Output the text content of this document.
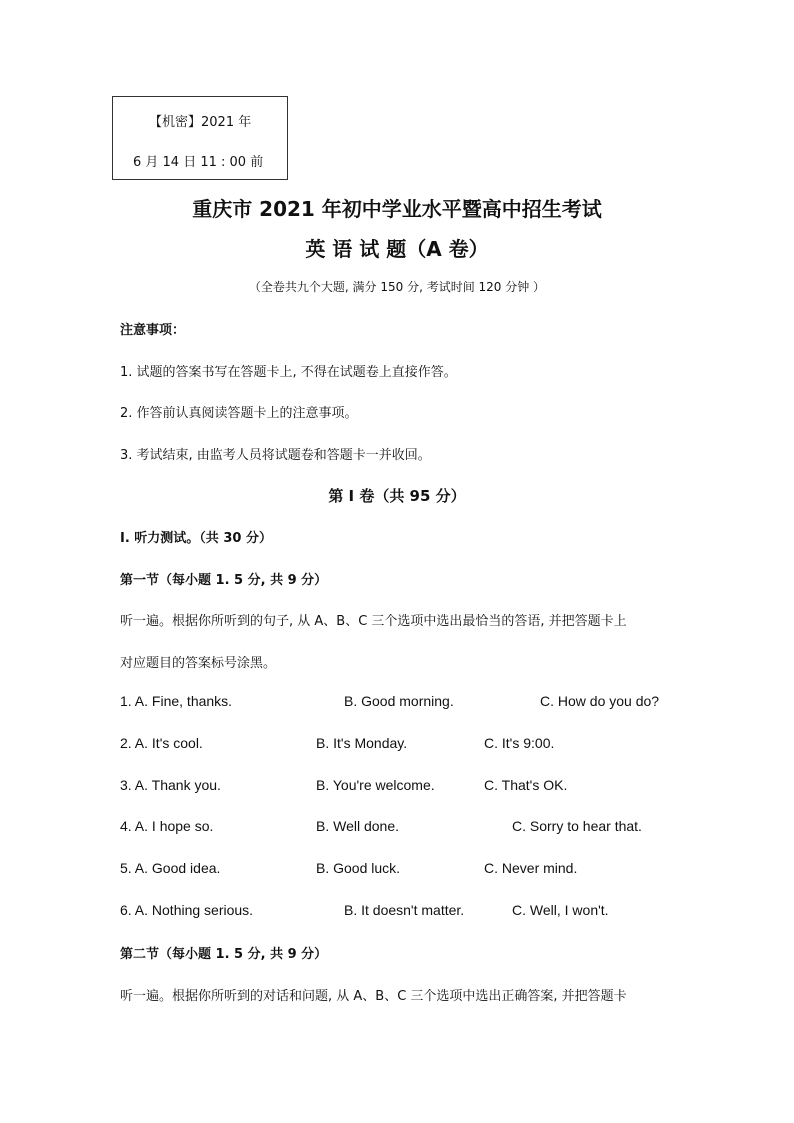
【机密】2021 年
6 月 14 日 11 : 00 前
重庆市 2021 年初中学业水平暨高中招生考试
英 语 试 题（A 卷）
（全卷共九个大题, 满分 150 分, 考试时间 120 分钟 ）
注意事项：
1. 试题的答案书写在答题卡上, 不得在试题卷上直接作答。
2. 作答前认真阅读答题卡上的注意事项。
3. 考试结束, 由监考人员将试题卷和答题卡一并收回。
第 I 卷（共 95 分）
I. 听力测试。（共 30 分）
第一节（每小题 1. 5 分, 共 9 分）
听一遍。根据你所听到的句子, 从 A、B、C 三个选项中选出最恰当的答语, 并把答题卡上
对应题目的答案标号涂黑。
1. A. Fine, thanks.	B. Good morning.	C. How do you do?
2. A. It's cool.	B. It's Monday.	C. It's 9:00.
3. A. Thank you.	B. You're welcome.	C. That's OK.
4. A. I hope so.	B. Well done.	C. Sorry to hear that.
5. A. Good idea.	B. Good luck.	C. Never mind.
6. A. Nothing serious.	B. It doesn't matter.	C. Well, I won't.
第二节（每小题 1. 5 分, 共 9 分）
听一遍。根据你所听到的对话和问题, 从 A、B、C 三个选项中选出正确答案, 并把答题卡
